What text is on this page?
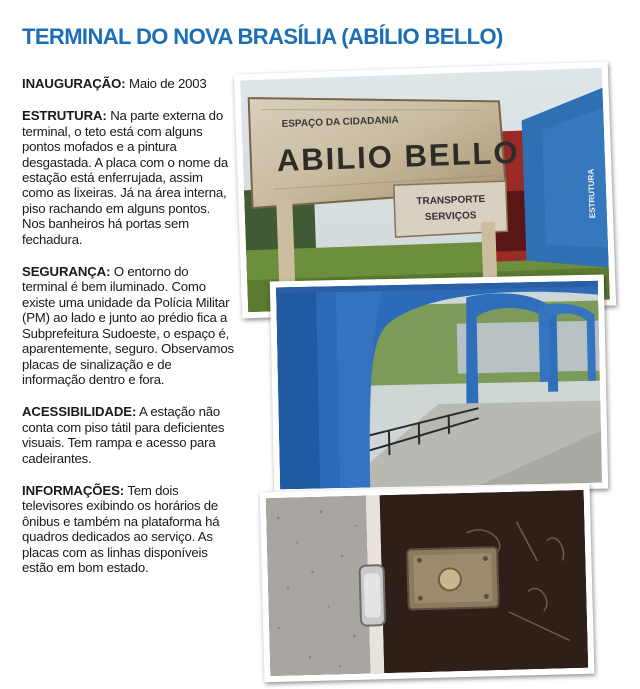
TERMINAL DO NOVA BRASÍLIA (ABÍLIO BELLO)

INAUGURAÇÃO: Maio de 2003

ESTRUTURA: Na parte externa do terminal, o teto está com alguns pontos mofados e a pintura desgastada. A placa com o nome da estação está enferrujada, assim como as lixeiras. Já na área interna, piso rachando em alguns pontos. Nos banheiros há portas sem fechadura.

SEGURANÇA: O entorno do terminal é bem iluminado. Como existe uma unidade da Polícia Militar (PM) ao lado e junto ao prédio fica a Subprefeitura Sudoeste, o espaço é, aparentemente, seguro. Observamos placas de sinalização e de informação dentro e fora.

ACESSIBILIDADE: A estação não conta com piso tátil para deficientes visuais. Tem rampa e acesso para cadeirantes.

INFORMAÇÕES: Tem dois televisores exibindo os horários de ônibus e também na plataforma há quadros dedicados ao serviço. As placas com as linhas disponíveis estão em bom estado.

ESPAÇO DA CIDADANIA
ABILIO BELLO
TRANSPORTE
SERVIÇOS	ESTRUTURA
